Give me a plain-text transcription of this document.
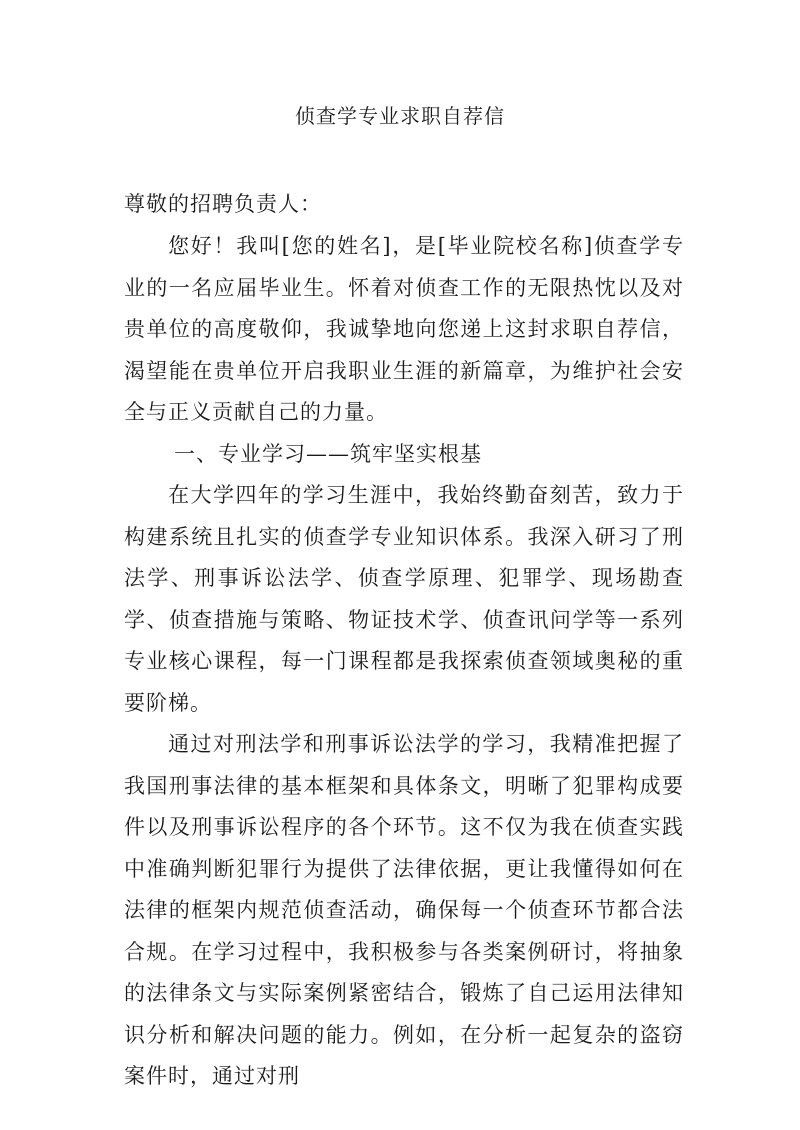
侦查学专业求职自荐信
尊敬的招聘负责人：

您好！我叫[您的姓名]，是[毕业院校名称]侦查学专业的一名应届毕业生。怀着对侦查工作的无限热忱以及对贵单位的高度敬仰，我诚挚地向您递上这封求职自荐信，渴望能在贵单位开启我职业生涯的新篇章，为维护社会安全与正义贡献自己的力量。

一、专业学习——筑牢坚实根基

在大学四年的学习生涯中，我始终勤奋刻苦，致力于构建系统且扎实的侦查学专业知识体系。我深入研习了刑法学、刑事诉讼法学、侦查学原理、犯罪学、现场勘查学、侦查措施与策略、物证技术学、侦查讯问学等一系列专业核心课程，每一门课程都是我探索侦查领域奥秘的重要阶梯。

通过对刑法学和刑事诉讼法学的学习，我精准把握了我国刑事法律的基本框架和具体条文，明晰了犯罪构成要件以及刑事诉讼程序的各个环节。这不仅为我在侦查实践中准确判断犯罪行为提供了法律依据，更让我懂得如何在法律的框架内规范侦查活动，确保每一个侦查环节都合法合规。在学习过程中，我积极参与各类案例研讨，将抽象的法律条文与实际案例紧密结合，锻炼了自己运用法律知识分析和解决问题的能力。例如，在分析一起复杂的盗窃案件时，通过对刑
